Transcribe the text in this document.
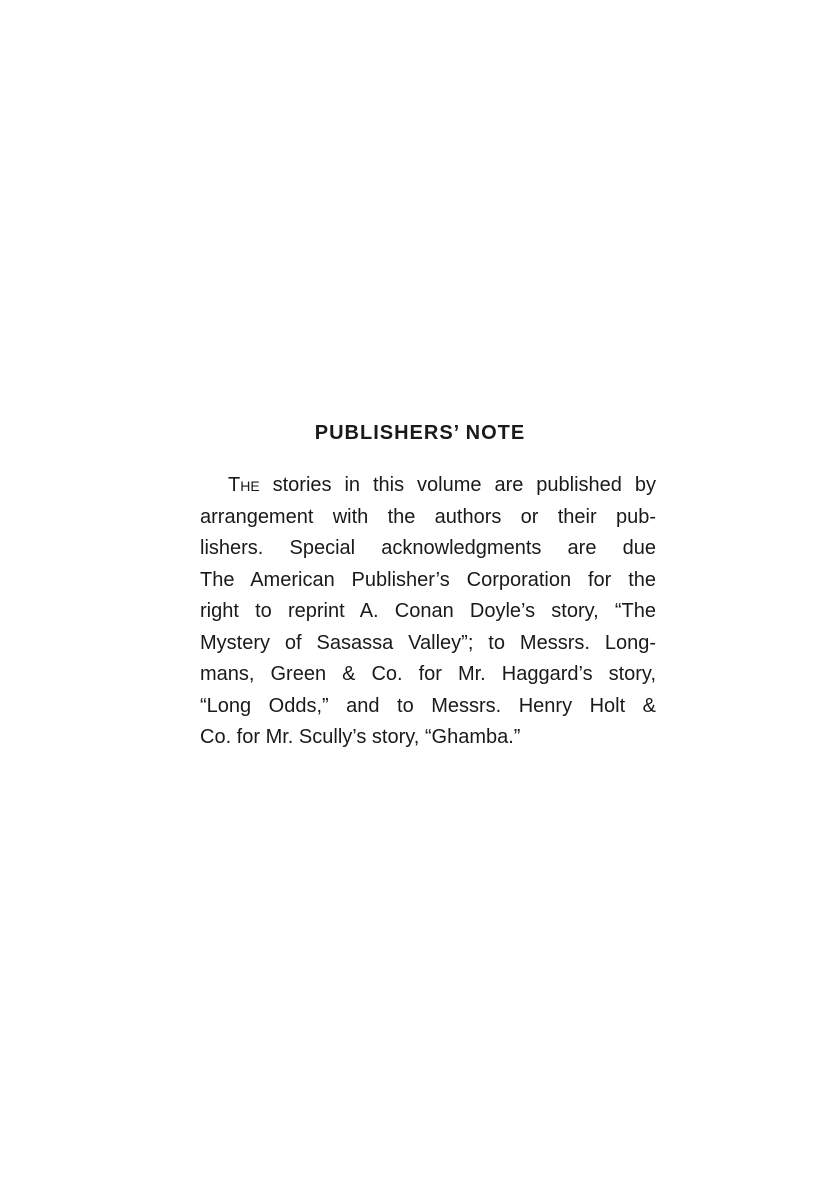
PUBLISHERS’ NOTE
The stories in this volume are published by
arrangement with the authors or their pub-
lishers. Special acknowledgments are due
The American Publisher’s Corporation for the
right to reprint A. Conan Doyle’s story, “The
Mystery of Sasassa Valley”; to Messrs. Long-
mans, Green & Co. for Mr. Haggard’s story,
“Long Odds,” and to Messrs. Henry Holt &
Co. for Mr. Scully’s story, “Ghamba.”
